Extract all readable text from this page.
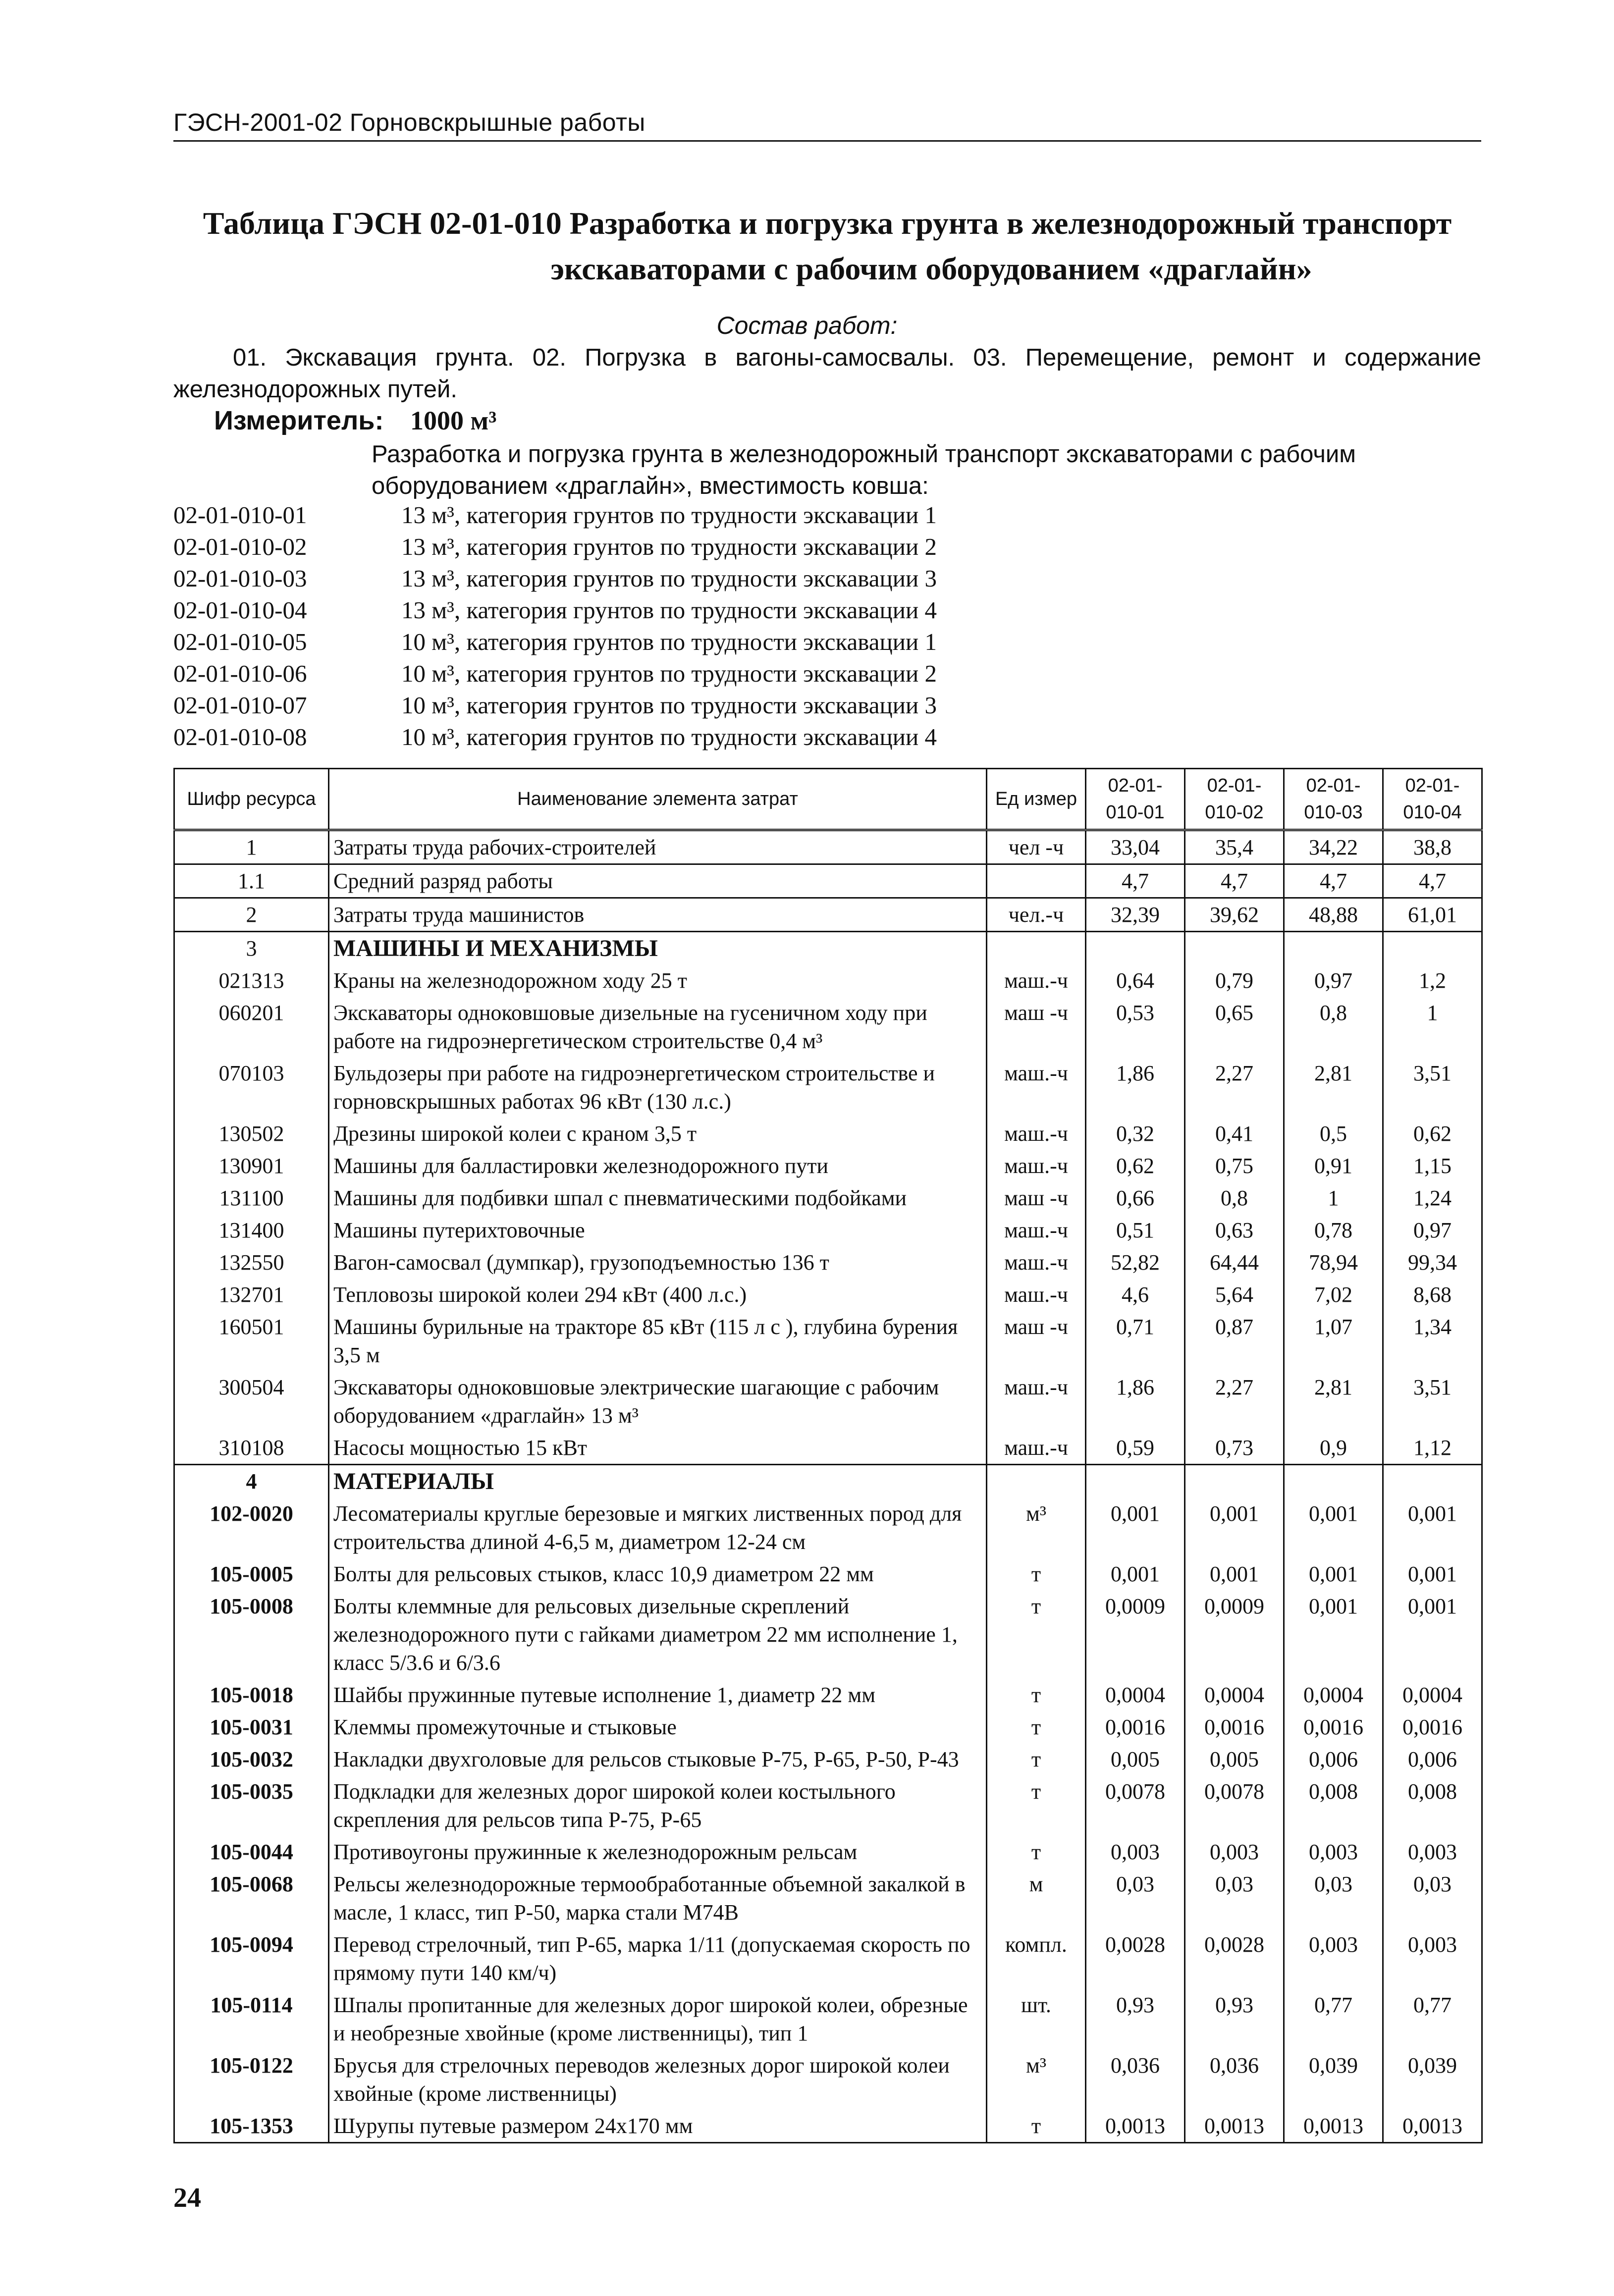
ГЭСН-2001-02 Горновскрышные работы
Таблица ГЭСН 02-01-010 Разработка и погрузка грунта в железнодорожный транспорт
экскаваторами с рабочим оборудованием «драглайн»
Состав работ:
01. Экскавация грунта. 02. Погрузка в вагоны-самосвалы. 03. Перемещение, ремонт и содержание железнодорожных путей.
Измеритель: 1000 м³
Разработка и погрузка грунта в железнодорожный транспорт экскаваторами с рабочим оборудованием «драглайн», вместимость ковша:
02-01-010-01	13 м³, категория грунтов по трудности экскавации 1
02-01-010-02	13 м³, категория грунтов по трудности экскавации 2
02-01-010-03	13 м³, категория грунтов по трудности экскавации 3
02-01-010-04	13 м³, категория грунтов по трудности экскавации 4
02-01-010-05	10 м³, категория грунтов по трудности экскавации 1
02-01-010-06	10 м³, категория грунтов по трудности экскавации 2
02-01-010-07	10 м³, категория грунтов по трудности экскавации 3
02-01-010-08	10 м³, категория грунтов по трудности экскавации 4
Шифр ресурса	Наименование элемента затрат	Ед измер	02-01-010-01	02-01-010-02	02-01-010-03	02-01-010-04
1	Затраты труда рабочих-строителей	чел -ч	33,04	35,4	34,22	38,8
1.1	Средний разряд работы		4,7	4,7	4,7	4,7
2	Затраты труда машинистов	чел.-ч	32,39	39,62	48,88	61,01
3	МАШИНЫ И МЕХАНИЗМЫ					
021313	Краны на железнодорожном ходу 25 т	маш.-ч	0,64	0,79	0,97	1,2
060201	Экскаваторы одноковшовые дизельные на гусеничном ходу при работе на гидроэнергетическом строительстве 0,4 м³	маш -ч	0,53	0,65	0,8	1
070103	Бульдозеры при работе на гидроэнергетическом строительстве и горновскрышных работах 96 кВт (130 л.с.)	маш.-ч	1,86	2,27	2,81	3,51
130502	Дрезины широкой колеи с краном 3,5 т	маш.-ч	0,32	0,41	0,5	0,62
130901	Машины для балластировки железнодорожного пути	маш.-ч	0,62	0,75	0,91	1,15
131100	Машины для подбивки шпал с пневматическими подбойками	маш -ч	0,66	0,8	1	1,24
131400	Машины путерихтовочные	маш.-ч	0,51	0,63	0,78	0,97
132550	Вагон-самосвал (думпкар), грузоподъемностью 136 т	маш.-ч	52,82	64,44	78,94	99,34
132701	Тепловозы широкой колеи 294 кВт (400 л.с.)	маш.-ч	4,6	5,64	7,02	8,68
160501	Машины бурильные на тракторе 85 кВт (115 л с ), глубина бурения 3,5 м	маш -ч	0,71	0,87	1,07	1,34
300504	Экскаваторы одноковшовые электрические шагающие с рабочим оборудованием «драглайн» 13 м³	маш.-ч	1,86	2,27	2,81	3,51
310108	Насосы мощностью 15 кВт	маш.-ч	0,59	0,73	0,9	1,12
4	МАТЕРИАЛЫ					
102-0020	Лесоматериалы круглые березовые и мягких лиственных пород для строительства длиной 4-6,5 м, диаметром 12-24 см	м³	0,001	0,001	0,001	0,001
105-0005	Болты для рельсовых стыков, класс 10,9 диаметром 22 мм	т	0,001	0,001	0,001	0,001
105-0008	Болты клеммные для рельсовых дизельные скреплений железнодорожного пути с гайками диаметром 22 мм исполнение 1, класс 5/3.6 и 6/3.6	т	0,0009	0,0009	0,001	0,001
105-0018	Шайбы пружинные путевые исполнение 1, диаметр 22 мм	т	0,0004	0,0004	0,0004	0,0004
105-0031	Клеммы промежуточные и стыковые	т	0,0016	0,0016	0,0016	0,0016
105-0032	Накладки двухголовые для рельсов стыковые Р-75, Р-65, Р-50, Р-43	т	0,005	0,005	0,006	0,006
105-0035	Подкладки для железных дорог широкой колеи костыльного скрепления для рельсов типа Р-75, Р-65	т	0,0078	0,0078	0,008	0,008
105-0044	Противоугоны пружинные к железнодорожным рельсам	т	0,003	0,003	0,003	0,003
105-0068	Рельсы железнодорожные термообработанные объемной закалкой в масле, 1 класс, тип Р-50, марка стали М74В	м	0,03	0,03	0,03	0,03
105-0094	Перевод стрелочный, тип Р-65, марка 1/11 (допускаемая скорость по прямому пути 140 км/ч)	компл.	0,0028	0,0028	0,003	0,003
105-0114	Шпалы пропитанные для железных дорог широкой колеи, обрезные и необрезные хвойные (кроме лиственницы), тип 1	шт.	0,93	0,93	0,77	0,77
105-0122	Брусья для стрелочных переводов железных дорог широкой колеи хвойные (кроме лиственницы)	м³	0,036	0,036	0,039	0,039
105-1353	Шурупы путевые размером 24х170 мм	т	0,0013	0,0013	0,0013	0,0013
24
